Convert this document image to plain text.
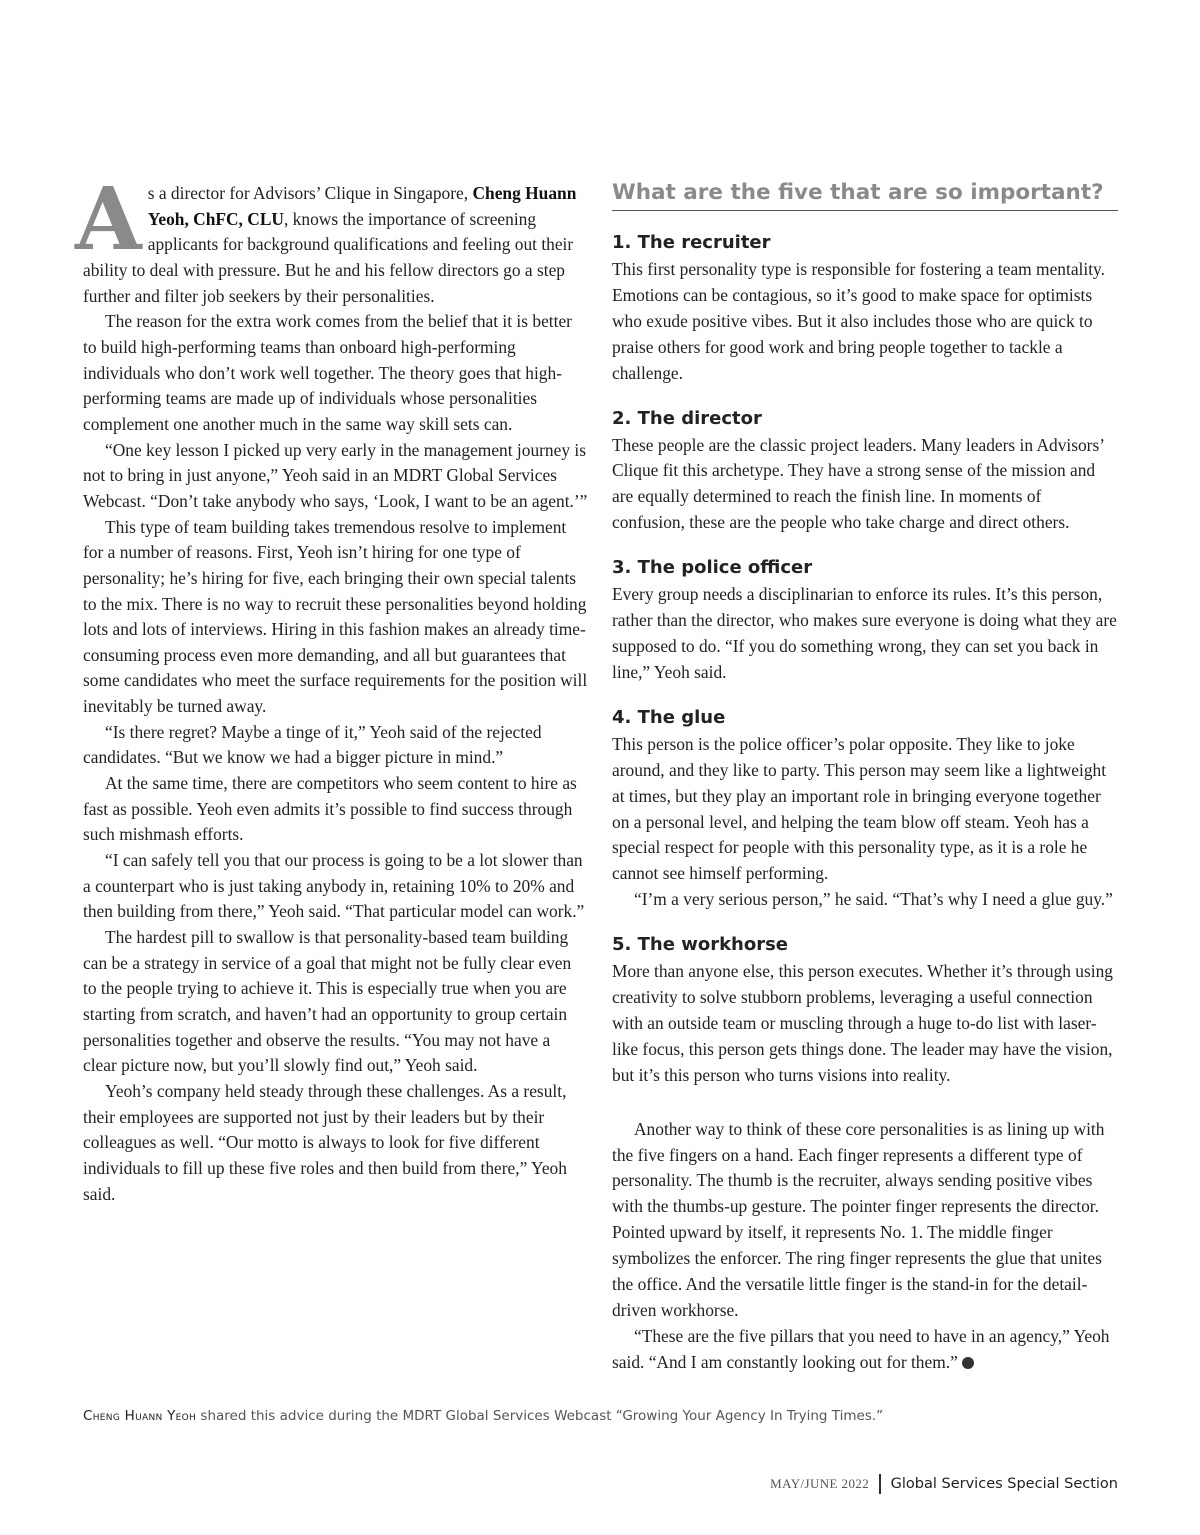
As a director for Advisors’ Clique in Singapore, Cheng Huann Yeoh, ChFC, CLU, knows the importance of screening applicants for background qualifications and feeling out their ability to deal with pressure. But he and his fellow directors go a step further and filter job seekers by their personalities.

The reason for the extra work comes from the belief that it is better to build high-performing teams than onboard high-performing individuals who don’t work well together. The theory goes that high-performing teams are made up of individuals whose personalities complement one another much in the same way skill sets can.

“One key lesson I picked up very early in the management journey is not to bring in just anyone,” Yeoh said in an MDRT Global Services Webcast. “Don’t take anybody who says, ‘Look, I want to be an agent.’”

This type of team building takes tremendous resolve to implement for a number of reasons. First, Yeoh isn’t hiring for one type of personality; he’s hiring for five, each bringing their own special talents to the mix. There is no way to recruit these personalities beyond holding lots and lots of interviews. Hiring in this fashion makes an already time-consuming process even more demanding, and all but guarantees that some candidates who meet the surface requirements for the position will inevitably be turned away.

“Is there regret? Maybe a tinge of it,” Yeoh said of the rejected candidates. “But we know we had a bigger picture in mind.”

At the same time, there are competitors who seem content to hire as fast as possible. Yeoh even admits it’s possible to find success through such mishmash efforts.

“I can safely tell you that our process is going to be a lot slower than a counterpart who is just taking anybody in, retaining 10% to 20% and then building from there,” Yeoh said. “That particular model can work.”

The hardest pill to swallow is that personality-based team building can be a strategy in service of a goal that might not be fully clear even to the people trying to achieve it. This is especially true when you are starting from scratch, and haven’t had an opportunity to group certain personalities together and observe the results. “You may not have a clear picture now, but you’ll slowly find out,” Yeoh said.

Yeoh’s company held steady through these challenges. As a result, their employees are supported not just by their leaders but by their colleagues as well. “Our motto is always to look for five different individuals to fill up these five roles and then build from there,” Yeoh said.

What are the five that are so important?
1. The recruiter

This first personality type is responsible for fostering a team mentality. Emotions can be contagious, so it’s good to make space for optimists who exude positive vibes. But it also includes those who are quick to praise others for good work and bring people together to tackle a challenge.

2. The director

These people are the classic project leaders. Many leaders in Advisors’ Clique fit this archetype. They have a strong sense of the mission and are equally determined to reach the finish line. In moments of confusion, these are the people who take charge and direct others.

3. The police officer

Every group needs a disciplinarian to enforce its rules. It’s this person, rather than the director, who makes sure everyone is doing what they are supposed to do. “If you do something wrong, they can set you back in line,” Yeoh said.

4. The glue

This person is the police officer’s polar opposite. They like to joke around, and they like to party. This person may seem like a lightweight at times, but they play an important role in bringing everyone together on a personal level, and helping the team blow off steam. Yeoh has a special respect for people with this personality type, as it is a role he cannot see himself performing.

“I’m a very serious person,” he said. “That’s why I need a glue guy.”

5. The workhorse

More than anyone else, this person executes. Whether it’s through using creativity to solve stubborn problems, leveraging a useful connection with an outside team or muscling through a huge to-do list with laser-like focus, this person gets things done. The leader may have the vision, but it’s this person who turns visions into reality.

Another way to think of these core personalities is as lining up with the five fingers on a hand. Each finger represents a different type of personality. The thumb is the recruiter, always sending positive vibes with the thumbs-up gesture. The pointer finger represents the director. Pointed upward by itself, it represents No. 1. The middle finger symbolizes the enforcer. The ring finger represents the glue that unites the office. And the versatile little finger is the stand-in for the detail-driven workhorse.

“These are the five pillars that you need to have in an agency,” Yeoh said. “And I am constantly looking out for them.”

Cheng Huann Yeoh shared this advice during the MDRT Global Services Webcast “Growing Your Agency In Trying Times.”
MAY/JUNE 2022 Global Services Special Section
